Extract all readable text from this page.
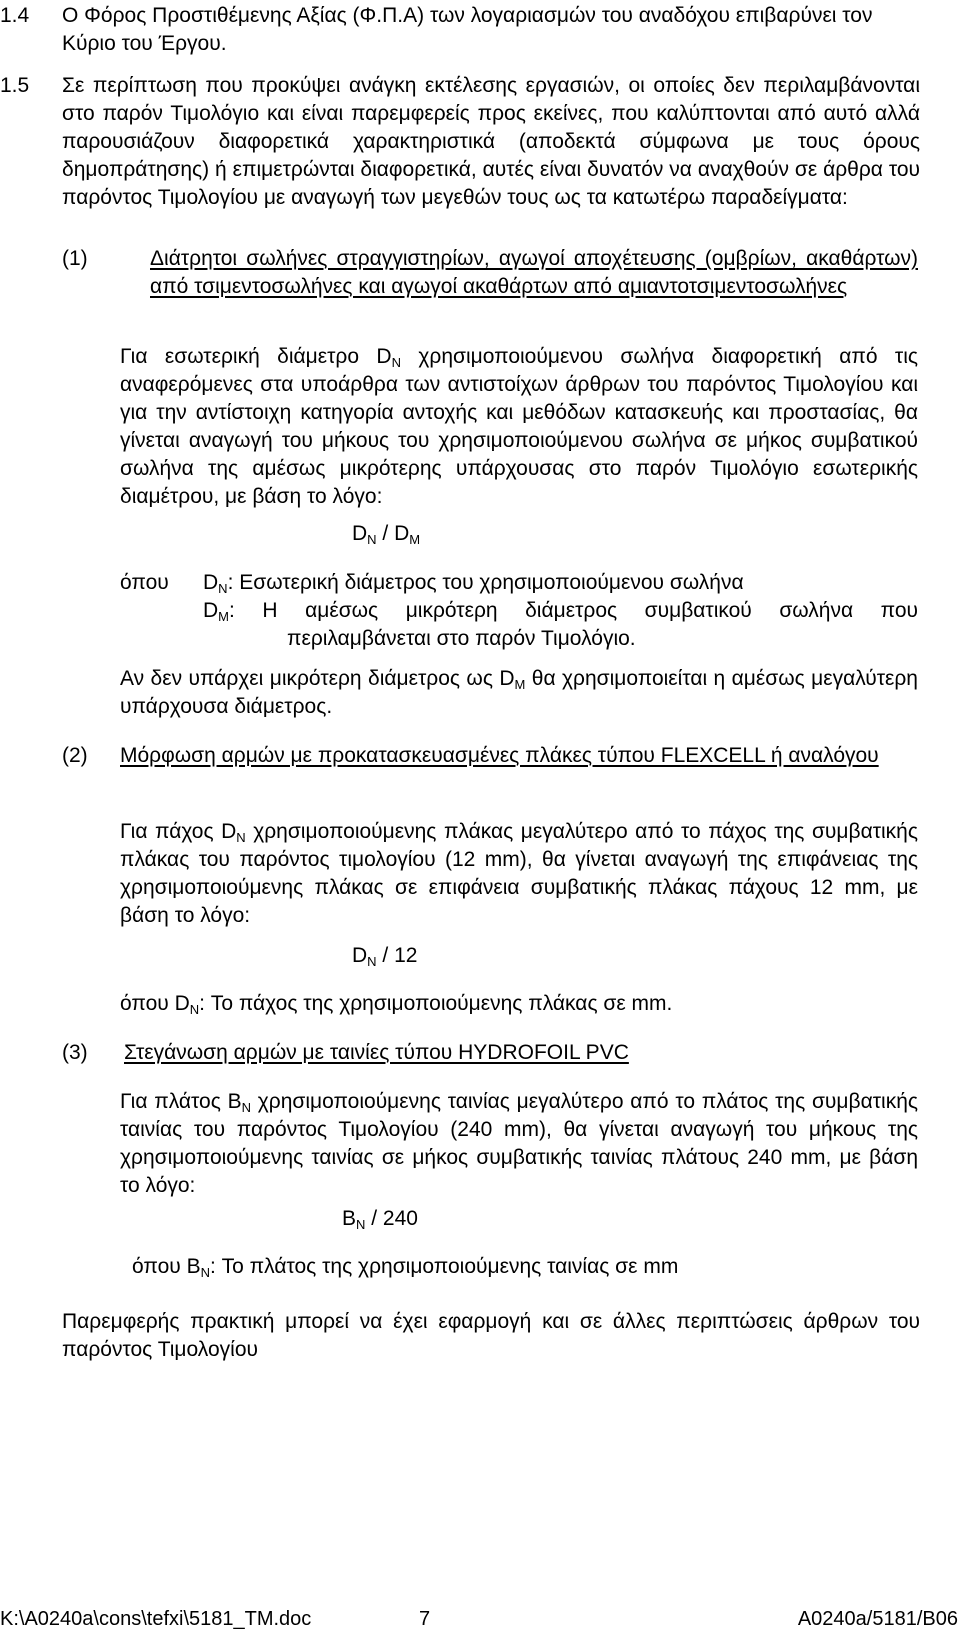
1.4 Ο Φόρος Προστιθέμενης Αξίας (Φ.Π.Α) των λογαριασμών του αναδόχου επιβαρύνει τον Κύριο του Έργου.

1.5 Σε περίπτωση που προκύψει ανάγκη εκτέλεσης εργασιών, οι οποίες δεν περιλαμβάνονται στο παρόν Τιμολόγιο και είναι παρεμφερείς προς εκείνες, που καλύπτονται από αυτό αλλά παρουσιάζουν διαφορετικά χαρακτηριστικά (αποδεκτά σύμφωνα με τους όρους δημοπράτησης) ή επιμετρώνται διαφορετικά, αυτές είναι δυνατόν να αναχθούν σε άρθρα του παρόντος Τιμολογίου με αναγωγή των μεγεθών τους ως τα κατωτέρω παραδείγματα:

(1)	Διάτρητοι σωλήνες στραγγιστηρίων, αγωγοί αποχέτευσης (ομβρίων, ακαθάρτων) από τσιμεντοσωλήνες και αγωγοί ακαθάρτων από αμιαντοτσιμεντοσωλήνες

Για εσωτερική διάμετρο $D_N$ χρησιμοποιούμενου σωλήνα διαφορετική από τις αναφερόμενες στα υποάρθρα των αντιστοίχων άρθρων του παρόντος Τιμολογίου και για την αντίστοιχη κατηγορία αντοχής και μεθόδων κατασκευής και προστασίας, θα γίνεται αναγωγή του μήκους του χρησιμοποιούμενου σωλήνα σε μήκος συμβατικού σωλήνα της αμέσως μικρότερης υπάρχουσας στο παρόν Τιμολόγιο εσωτερικής διαμέτρου, με βάση το λόγο:

$D_N / D_M$

όπου $D_N$: Εσωτερική διάμετρος του χρησιμοποιούμενου σωλήνα

$D_M$: Η αμέσως μικρότερη διάμετρος συμβατικού σωλήνα που

περιλαμβάνεται στο παρόν Τιμολόγιο.

Αν δεν υπάρχει μικρότερη διάμετρος ως $D_M$ θα χρησιμοποιείται η αμέσως μεγαλύτερη υπάρχουσα διάμετρος.

(2) Μόρφωση αρμών με προκατασκευασμένες πλάκες τύπου FLEXCELL ή αναλόγου

Για πάχος $D_N$ χρησιμοποιούμενης πλάκας μεγαλύτερο από το πάχος της συμβατικής πλάκας του παρόντος τιμολογίου (12 mm), θα γίνεται αναγωγή της επιφάνειας της χρησιμοποιούμενης πλάκας σε επιφάνεια συμβατικής πλάκας πάχους 12 mm, με βάση το λόγο:

$D_N / 12$

όπου $D_N$: Το πάχος της χρησιμοποιούμενης πλάκας σε mm.

(3) Στεγάνωση αρμών με ταινίες τύπου HYDROFOIL PVC

Για πλάτος $B_N$ χρησιμοποιούμενης ταινίας μεγαλύτερο από το πλάτος της συμβατικής ταινίας του παρόντος Τιμολογίου (240 mm), θα γίνεται αναγωγή του μήκους της χρησιμοποιούμενης ταινίας σε μήκος συμβατικής ταινίας πλάτους 240 mm, με βάση το λόγο:

$B_N / 240$

όπου $B_N$: Το πλάτος της χρησιμοποιούμενης ταινίας σε mm

Παρεμφερής πρακτική μπορεί να έχει εφαρμογή και σε άλλες περιπτώσεις άρθρων του παρόντος Τιμολογίου

K:\A0240a\cons\tefxi\5181_TM.doc	7	A0240a/5181/B06
